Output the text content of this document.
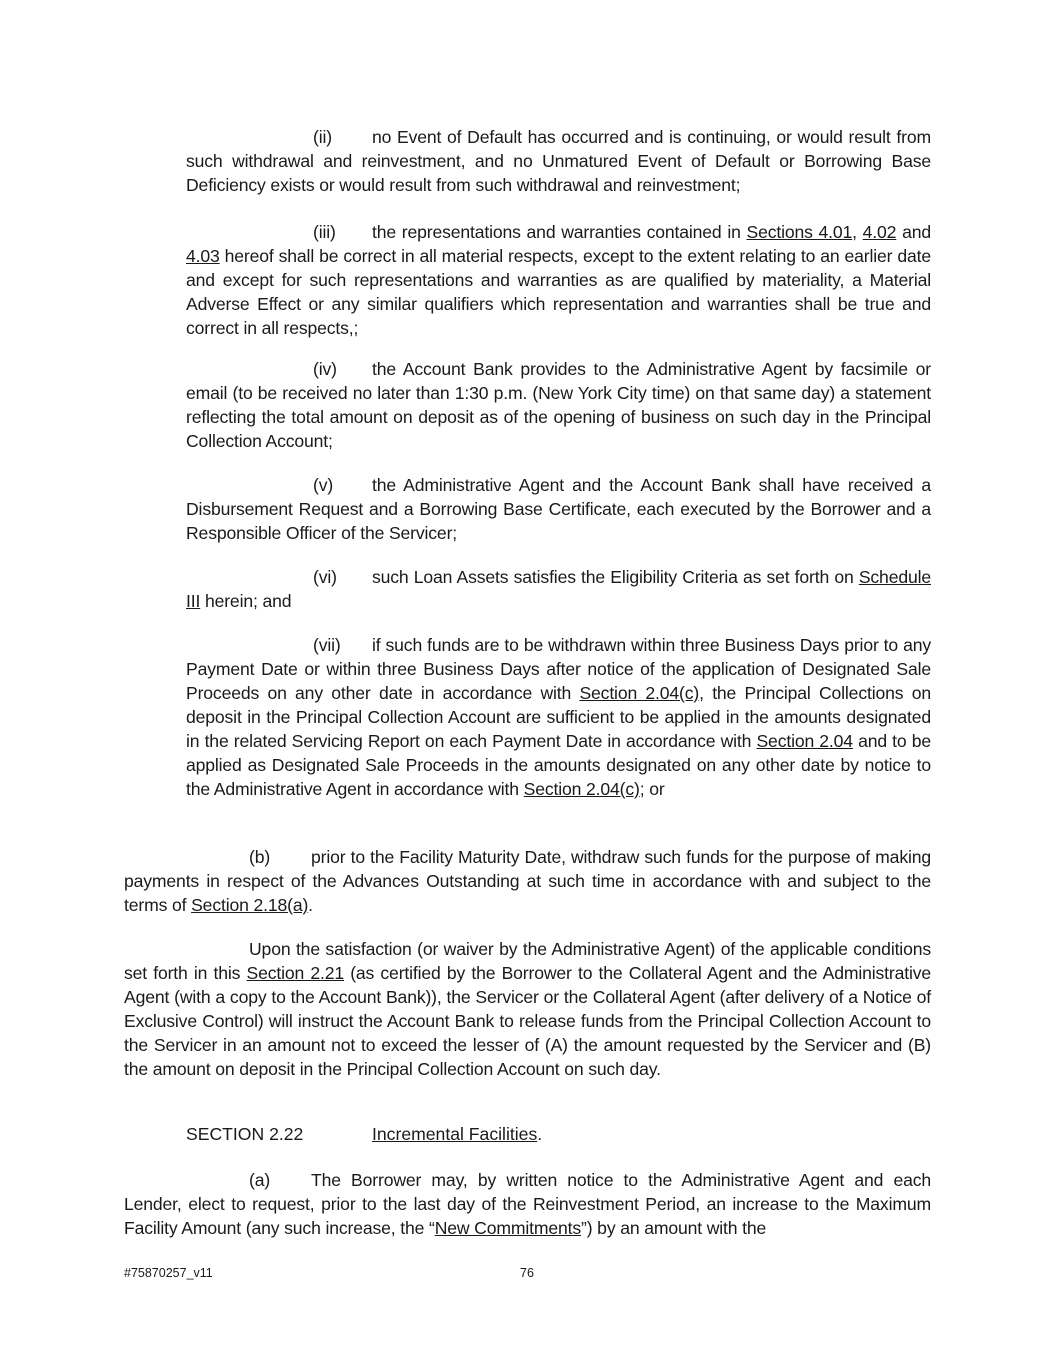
SECTION 2.22	Incremental Facilities.
#75870257_v11	76
(ii) no Event of Default has occurred and is continuing, or would result from such withdrawal and reinvestment, and no Unmatured Event of Default or Borrowing Base Deficiency exists or would result from such withdrawal and reinvestment;
(iii) the representations and warranties contained in Sections 4.01, 4.02 and 4.03 hereof shall be correct in all material respects, except to the extent relating to an earlier date and except for such representations and warranties as are qualified by materiality, a Material Adverse Effect or any similar qualifiers which representation and warranties shall be true and correct in all respects,;
(iv) the Account Bank provides to the Administrative Agent by facsimile or email (to be received no later than 1:30 p.m. (New York City time) on that same day) a statement reflecting the total amount on deposit as of the opening of business on such day in the Principal Collection Account;
(v) the Administrative Agent and the Account Bank shall have received a Disbursement Request and a Borrowing Base Certificate, each executed by the Borrower and a Responsible Officer of the Servicer;
(vi) such Loan Assets satisfies the Eligibility Criteria as set forth on Schedule III herein; and
(vii) if such funds are to be withdrawn within three Business Days prior to any Payment Date or within three Business Days after notice of the application of Designated Sale Proceeds on any other date in accordance with Section 2.04(c), the Principal Collections on deposit in the Principal Collection Account are sufficient to be applied in the amounts designated in the related Servicing Report on each Payment Date in accordance with Section 2.04 and to be applied as Designated Sale Proceeds in the amounts designated on any other date by notice to the Administrative Agent in accordance with Section 2.04(c); or
(b) prior to the Facility Maturity Date, withdraw such funds for the purpose of making payments in respect of the Advances Outstanding at such time in accordance with and subject to the terms of Section 2.18(a).
Upon the satisfaction (or waiver by the Administrative Agent) of the applicable conditions set forth in this Section 2.21 (as certified by the Borrower to the Collateral Agent and the Administrative Agent (with a copy to the Account Bank)), the Servicer or the Collateral Agent (after delivery of a Notice of Exclusive Control) will instruct the Account Bank to release funds from the Principal Collection Account to the Servicer in an amount not to exceed the lesser of (A) the amount requested by the Servicer and (B) the amount on deposit in the Principal Collection Account on such day.
(a) The Borrower may, by written notice to the Administrative Agent and each Lender, elect to request, prior to the last day of the Reinvestment Period, an increase to the Maximum Facility Amount (any such increase, the “New Commitments”) by an amount with the
